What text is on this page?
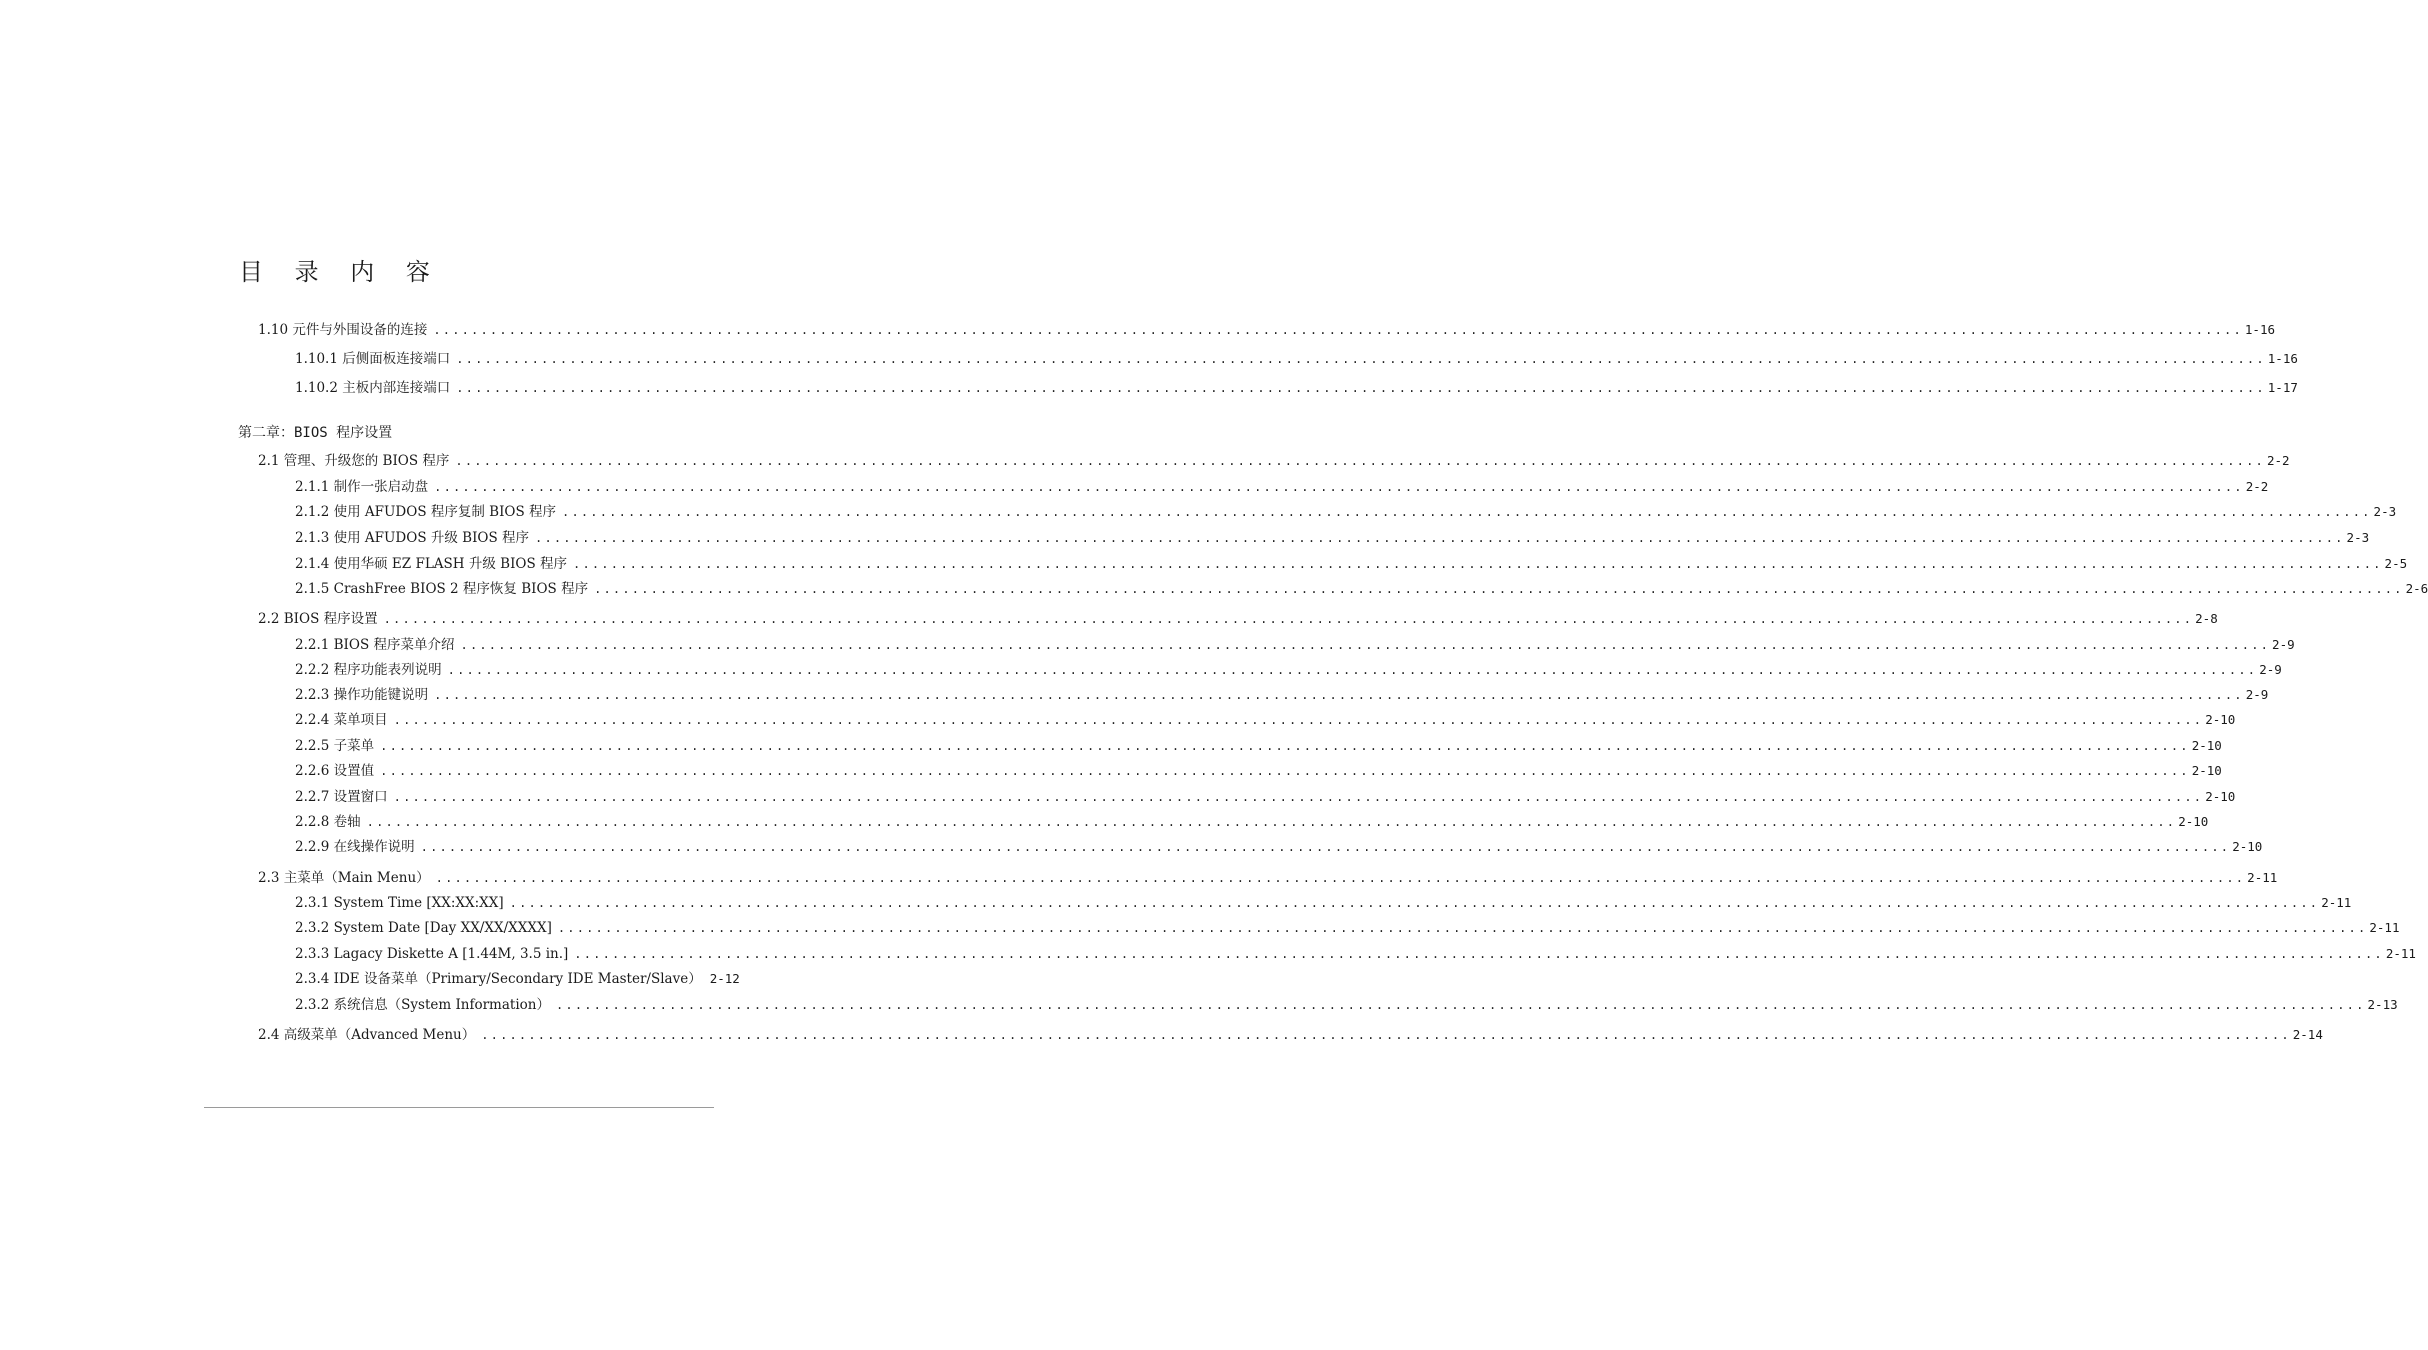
目 录 内 容
第二章：BIOS 程序设置
1.10 元件与外围设备的连接 .....	1-16
1.10.1 后侧面板连接端口 .....	1-16
1.10.2 主板内部连接端口 .....	1-17
2.1 管理、升级您的 BIOS 程序 .....	2-2
2.1.1 制作一张启动盘 .....	2-2
2.1.2 使用 AFUDOS 程序复制 BIOS 程序 .....	2-3
2.1.3 使用 AFUDOS 升级 BIOS 程序 .....	2-3
2.1.4 使用华硕 EZ FLASH 升级 BIOS 程序 .....	2-5
2.1.5 CrashFree BIOS 2 程序恢复 BIOS 程序 .....	2-6
2.2 BIOS 程序设置 .....	2-8
2.2.1 BIOS 程序菜单介绍 .....	2-9
2.2.2 程序功能表列说明 .....	2-9
2.2.3 操作功能键说明 .....	2-9
2.2.4 菜单项目 .....	2-10
2.2.5 子菜单 .....	2-10
2.2.6 设置值 .....	2-10
2.2.7 设置窗口 .....	2-10
2.2.8 卷轴 .....	2-10
2.2.9 在线操作说明 .....	2-10
2.3 主菜单（Main Menu） .....	2-11
2.3.1 System Time [XX:XX:XX] .....	2-11
2.3.2 System Date [Day XX/XX/XXXX] .....	2-11
2.3.3 Lagacy Diskette A [1.44M, 3.5 in.] .....	2-11
2.3.4 IDE 设备菜单（Primary/Secondary IDE Master/Slave） 2-12
2.3.2 系统信息（System Information） .....	2-13
2.4 高级菜单（Advanced Menu） .....	2-14
